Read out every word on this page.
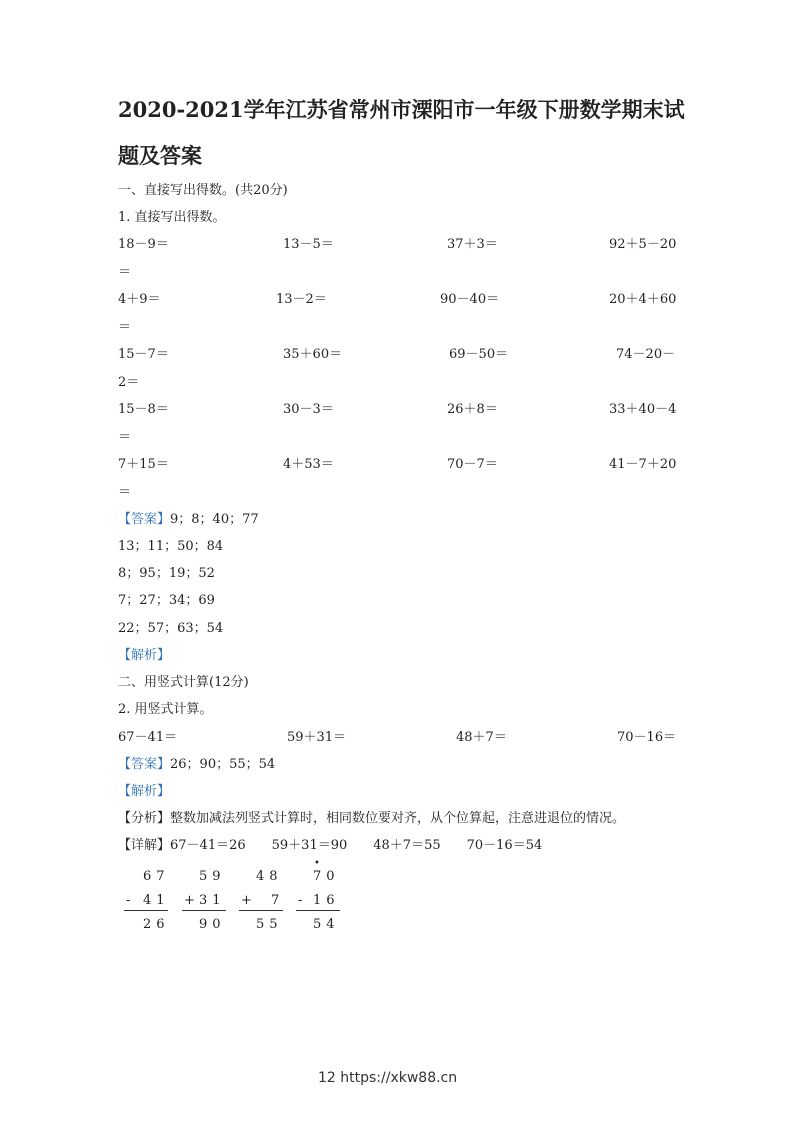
2020-2021学年江苏省常州市溧阳市一年级下册数学期末试
题及答案
一、直接写出得数。(共20分)
1. 直接写出得数。
18－9＝	13－5＝	37＋3＝	92＋5－20
＝
4＋9＝	13－2＝	90－40＝	20＋4＋60
＝
15－7＝	35＋60＝	69－50＝	74－20－
2＝
15－8＝	30－3＝	26＋8＝	33＋40－4
＝
7＋15＝	4＋53＝	70－7＝	41－7＋20
＝
【答案】9；8；40；77
13；11；50；84
8；95；19；52
7；27；34；69
22；57；63；54
【解析】
二、用竖式计算(12分)
2. 用竖式计算。
67－41＝	59＋31＝	48＋7＝	70－16＝
【答案】26；90；55；54
【解析】
【分析】整数加减法列竖式计算时，相同数位要对齐，从个位算起，注意进退位的情况。
【详解】67－41＝26　　59＋31＝90　　48＋7＝55　　70－16＝54
67
- 41
26
59
+ 31
90
48
+ 7
55
•
70
- 16
54
12 https://xkw88.cn
